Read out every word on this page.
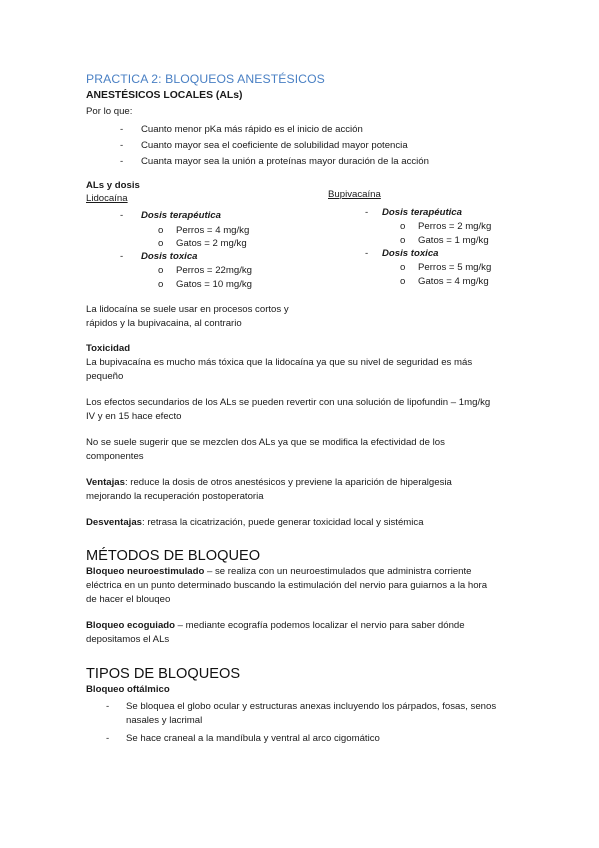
PRACTICA 2: BLOQUEOS ANESTÉSICOS
ANESTÉSICOS LOCALES (ALs)
Por lo que:
- Cuanto menor pKa más rápido es el inicio de acción
- Cuanto mayor sea el coeficiente de solubilidad mayor potencia
- Cuanta mayor sea la unión a proteínas mayor duración de la acción
ALs y dosis
Lidocaína	Bupivacaína
- Dosis terapéutica
o Perros = 4 mg/kg
o Gatos = 2 mg/kg
- Dosis toxica
o Perros = 22mg/kg
o Gatos = 10 mg/kg
- Dosis terapéutica
o Perros = 2 mg/kg
o Gatos = 1 mg/kg
- Dosis toxica
o Perros = 5 mg/kg
o Gatos = 4 mg/kg
La lidocaína se suele usar en procesos cortos y
rápidos y la bupivacaina, al contrario
Toxicidad
La bupivacaína es mucho más tóxica que la lidocaína ya que su nivel de seguridad es más
pequeño
Los efectos secundarios de los ALs se pueden revertir con una solución de lipofundin – 1mg/kg
IV y en 15 hace efecto
No se suele sugerir que se mezclen dos ALs ya que se modifica la efectividad de los
componentes
Ventajas: reduce la dosis de otros anestésicos y previene la aparición de hiperalgesia
mejorando la recuperación postoperatoria
Desventajas: retrasa la cicatrización, puede generar toxicidad local y sistémica
MÉTODOS DE BLOQUEO
Bloqueo neuroestimulado – se realiza con un neuroestimulados que administra corriente
eléctrica en un punto determinado buscando la estimulación del nervio para guiarnos a la hora
de hacer el blouqeo
Bloqueo ecoguiado – mediante ecografía podemos localizar el nervio para saber dónde
depositamos el ALs
TIPOS DE BLOQUEOS
Bloqueo oftálmico
- Se bloquea el globo ocular y estructuras anexas incluyendo los párpados, fosas, senos
nasales y lacrimal
- Se hace craneal a la mandíbula y ventral al arco cigomático
